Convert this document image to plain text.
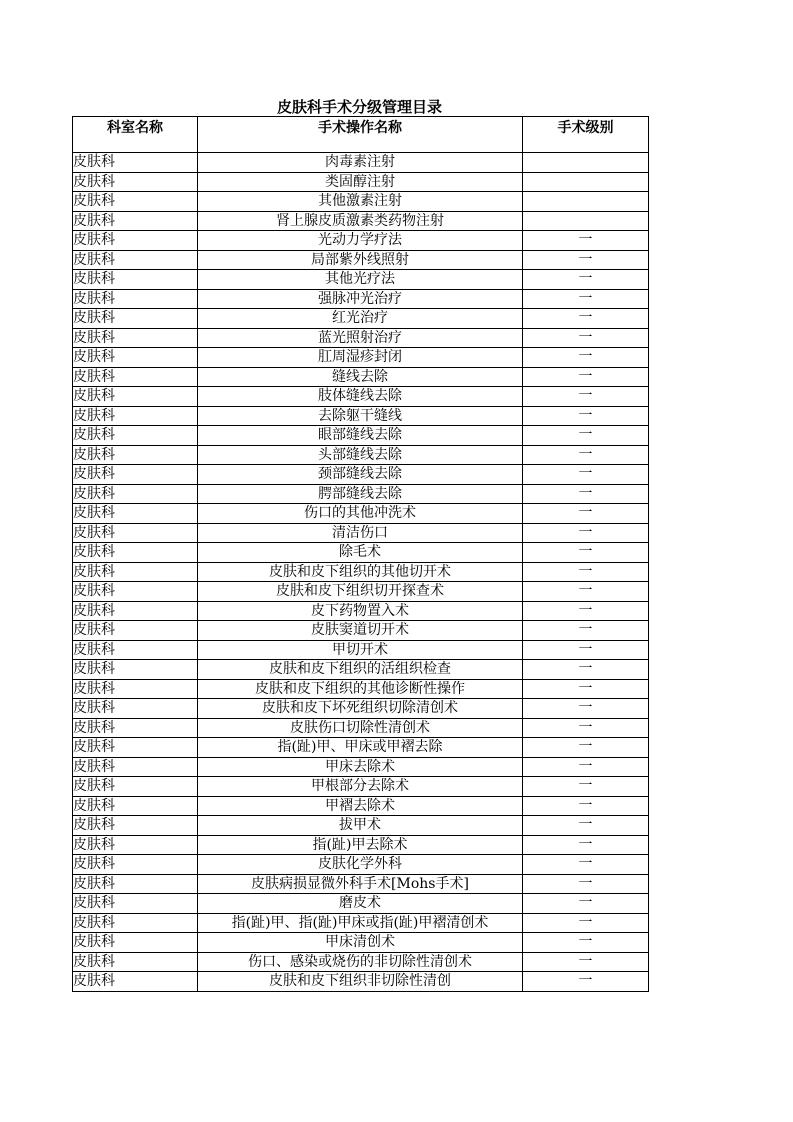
皮肤科手术分级管理目录
科室名称	手术操作名称	手术级别
皮肤科	肉毒素注射	
皮肤科	类固醇注射	
皮肤科	其他激素注射	
皮肤科	肾上腺皮质激素类药物注射	
皮肤科	光动力学疗法	一
皮肤科	局部紫外线照射	一
皮肤科	其他光疗法	一
皮肤科	强脉冲光治疗	一
皮肤科	红光治疗	一
皮肤科	蓝光照射治疗	一
皮肤科	肛周湿疹封闭	一
皮肤科	缝线去除	一
皮肤科	肢体缝线去除	一
皮肤科	去除躯干缝线	一
皮肤科	眼部缝线去除	一
皮肤科	头部缝线去除	一
皮肤科	颈部缝线去除	一
皮肤科	腭部缝线去除	一
皮肤科	伤口的其他冲洗术	一
皮肤科	清洁伤口	一
皮肤科	除毛术	一
皮肤科	皮肤和皮下组织的其他切开术	一
皮肤科	皮肤和皮下组织切开探查术	一
皮肤科	皮下药物置入术	一
皮肤科	皮肤窦道切开术	一
皮肤科	甲切开术	一
皮肤科	皮肤和皮下组织的活组织检查	一
皮肤科	皮肤和皮下组织的其他诊断性操作	一
皮肤科	皮肤和皮下坏死组织切除清创术	一
皮肤科	皮肤伤口切除性清创术	一
皮肤科	指(趾)甲、甲床或甲褶去除	一
皮肤科	甲床去除术	一
皮肤科	甲根部分去除术	一
皮肤科	甲褶去除术	一
皮肤科	拔甲术	一
皮肤科	指(趾)甲去除术	一
皮肤科	皮肤化学外科	一
皮肤科	皮肤病损显微外科手术[Mohs手术]	一
皮肤科	磨皮术	一
皮肤科	指(趾)甲、指(趾)甲床或指(趾)甲褶清创术	一
皮肤科	甲床清创术	一
皮肤科	伤口、感染或烧伤的非切除性清创术	一
皮肤科	皮肤和皮下组织非切除性清创	一
